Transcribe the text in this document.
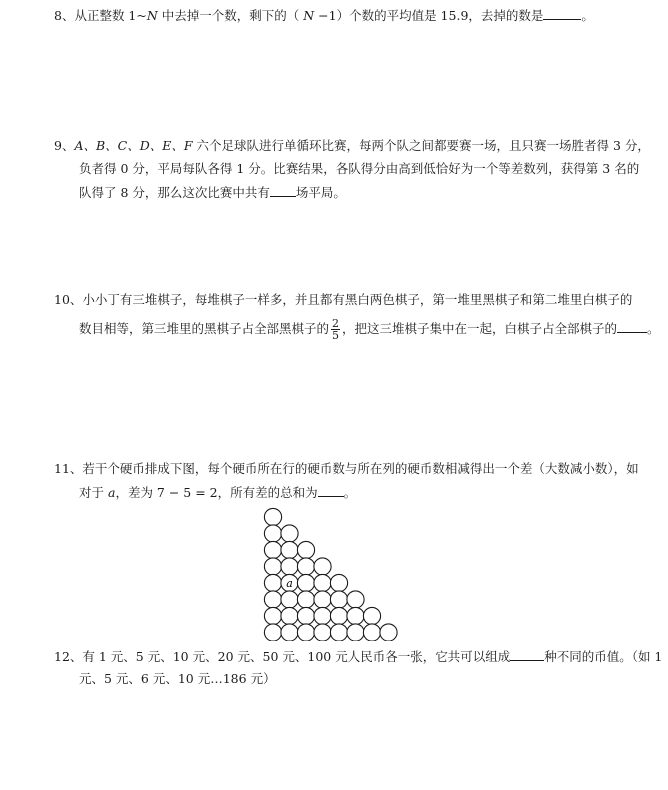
8、从正整数 1~N 中去掉一个数，剩下的（ N −1）个数的平均值是 15.9，去掉的数是	。
9、A、B、C、D、E、F 六个足球队进行单循环比赛，每两个队之间都要赛一场，且只赛一场胜者得 3 分，
负者得 0 分，平局每队各得 1 分。比赛结果，各队得分由高到低恰好为一个等差数列，获得第 3 名的
队得了 8 分，那么这次比赛中共有 场平局。
10、小小丁有三堆棋子，每堆棋子一样多，并且都有黑白两色棋子，第一堆里黑棋子和第二堆里白棋子的
数目相等，第三堆里的黑棋子占全部黑棋子的 $\frac{2}{5}$ ，把这三堆棋子集中在一起，白棋子占全部棋子的 。
11、若干个硬币排成下图，每个硬币所在行的硬币数与所在列的硬币数相减得出一个差（大数减小数），如
对于 a，差为 7 − 5 = 2，所有差的总和为 。
a
12、有 1 元、5 元、10 元、20 元、50 元、100 元人民币各一张，它共可以组成	种不同的币值。（如 1
元、5 元、6 元、10 元…186 元）
